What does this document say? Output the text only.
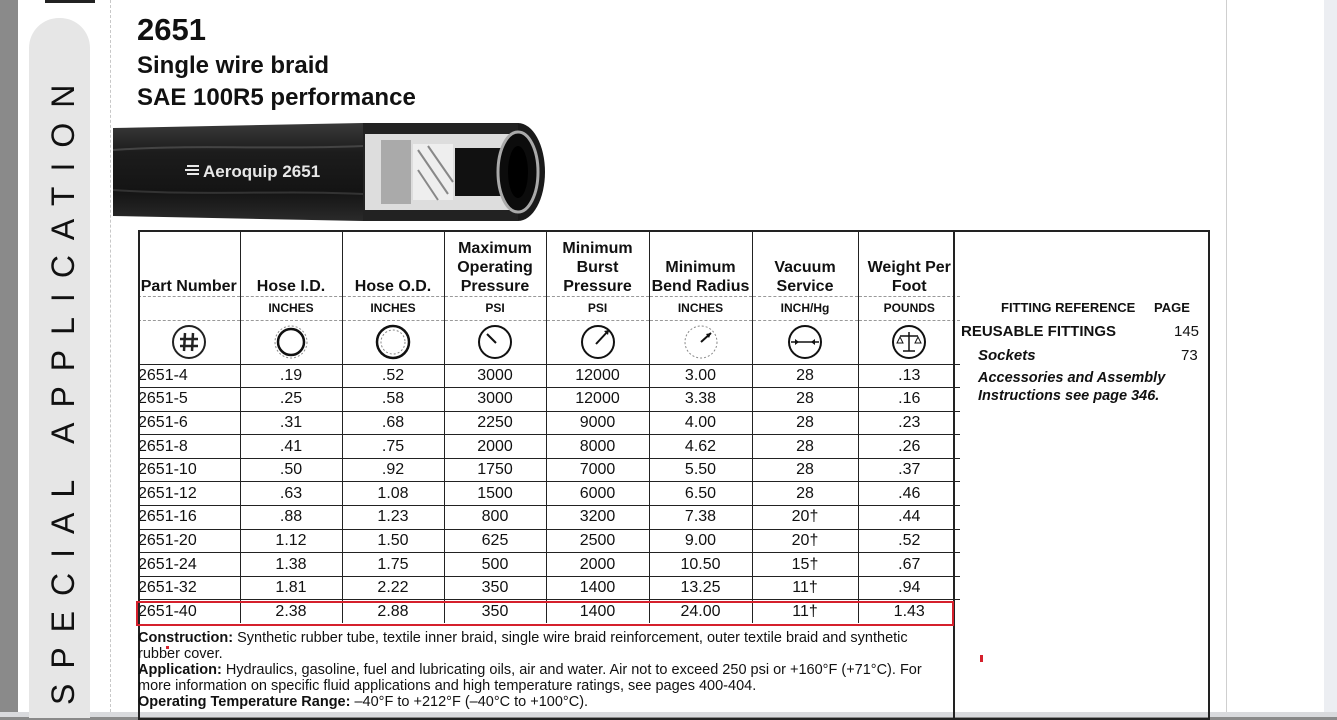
SPECIAL APPLICATION
2651
Single wire braid
SAE 100R5 performance
Aeroquip 2651
Part Number	Hose I.D.	Hose O.D.	Maximum Operating Pressure	Minimum Burst Pressure	Minimum Bend Radius	Vacuum Service	Weight Per Foot
	INCHES	INCHES	PSI	PSI	INCHES	INCH/Hg	POUNDS

2651-4	.19	.52	3000	12000	3.00	28	.13
2651-5	.25	.58	3000	12000	3.38	28	.16
2651-6	.31	.68	2250	9000	4.00	28	.23
2651-8	.41	.75	2000	8000	4.62	28	.26
2651-10	.50	.92	1750	7000	5.50	28	.37
2651-12	.63	1.08	1500	6000	6.50	28	.46
2651-16	.88	1.23	800	3200	7.38	20†	.44
2651-20	1.12	1.50	625	2500	9.00	20†	.52
2651-24	1.38	1.75	500	2000	10.50	15†	.67
2651-32	1.81	2.22	350	1400	13.25	11†	.94
2651-40	2.38	2.88	350	1400	24.00	11†	1.43
FITTING REFERENCE PAGE
REUSABLE FITTINGS	145
Sockets	73
Accessories and Assembly Instructions see page 346.

Construction: Synthetic rubber tube, textile inner braid, single wire braid reinforcement, outer textile braid and synthetic rubber cover.

Application: Hydraulics, gasoline, fuel and lubricating oils, air and water. Air not to exceed 250 psi or +160°F (+71°C). For more information on specific fluid applications and high temperature ratings, see pages 400-404.

Operating Temperature Range: –40°F to +212°F (–40°C to +100°C).
